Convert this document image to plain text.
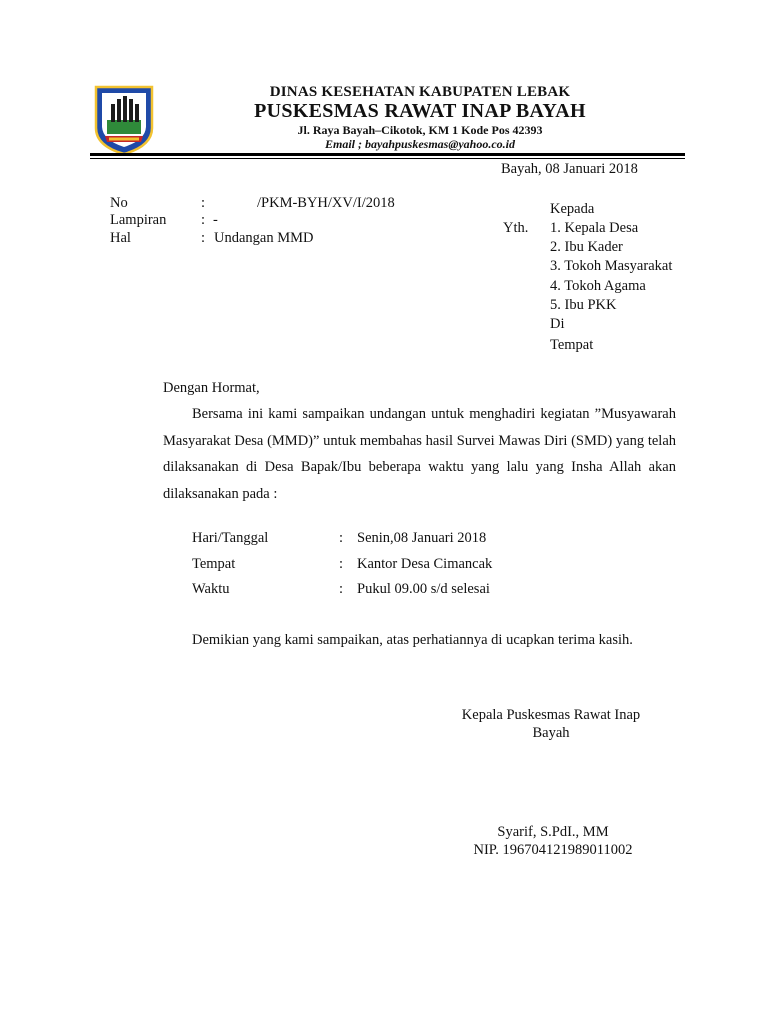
DINAS KESEHATAN KABUPATEN LEBAK
PUSKESMAS RAWAT INAP BAYAH
Jl. Raya Bayah–Cikotok, KM 1 Kode Pos 42393
Email ; bayahpuskesmas@yahoo.co.id
Bayah, 08 Januari 2018
No	:	/PKM-BYH/XV/I/2018
Lampiran : -
Hal	: Undangan MMD
Yth.
Kepada
1. Kepala Desa
2. Ibu Kader
3. Tokoh Masyarakat
4. Tokoh Agama
5. Ibu PKK
Di
Tempat
Dengan Hormat,
Bersama ini kami sampaikan undangan untuk menghadiri kegiatan ”Musyawarah Masyarakat Desa (MMD)” untuk membahas hasil Survei Mawas Diri (SMD) yang telah dilaksanakan di Desa Bapak/Ibu beberapa waktu yang lalu yang Insha Allah akan dilaksanakan pada :
Hari/Tanggal	: Senin,08 Januari 2018
Tempat	: Kantor Desa Cimancak
Waktu	: Pukul 09.00 s/d selesai
Demikian yang kami sampaikan, atas perhatiannya di ucapkan terima kasih.
Kepala Puskesmas Rawat Inap
Bayah
Syarif, S.PdI., MM
NIP. 196704121989011002
